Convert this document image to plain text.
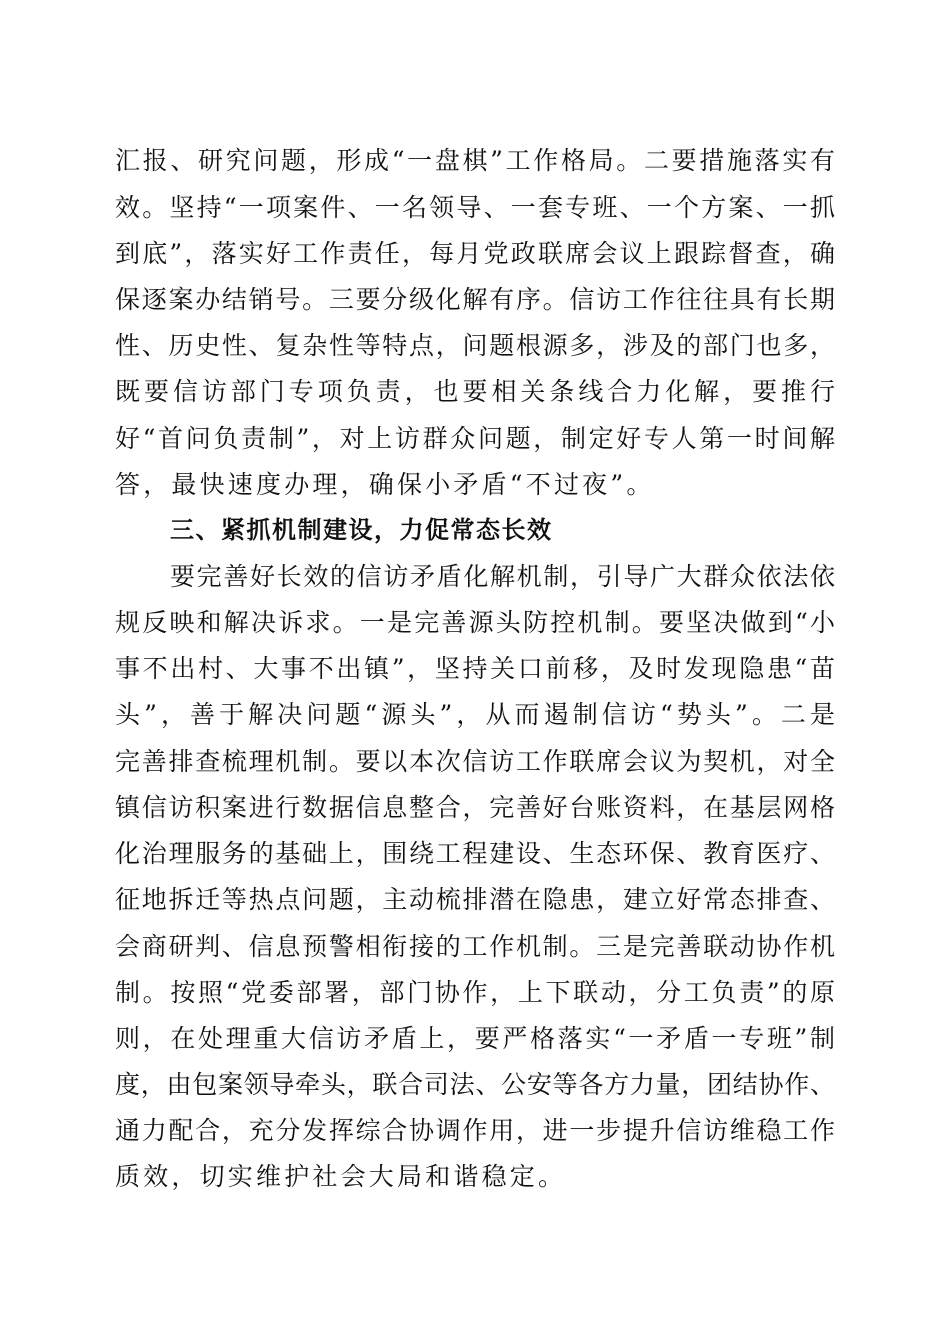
汇报、研究问题，形成“一盘棋”工作格局。二要措施落实有
效。坚持“一项案件、一名领导、一套专班、一个方案、一抓
到底”，落实好工作责任，每月党政联席会议上跟踪督查，确
保逐案办结销号。三要分级化解有序。信访工作往往具有长期
性、历史性、复杂性等特点，问题根源多，涉及的部门也多，
既要信访部门专项负责，也要相关条线合力化解，要推行
好“首问负责制”，对上访群众问题，制定好专人第一时间解
答，最快速度办理，确保小矛盾“不过夜”。
三、紧抓机制建设，力促常态长效
要完善好长效的信访矛盾化解机制，引导广大群众依法依
规反映和解决诉求。一是完善源头防控机制。要坚决做到“小
事不出村、大事不出镇”，坚持关口前移，及时发现隐患“苗
头”，善于解决问题“源头”，从而遏制信访“势头”。二是
完善排查梳理机制。要以本次信访工作联席会议为契机，对全
镇信访积案进行数据信息整合，完善好台账资料，在基层网格
化治理服务的基础上，围绕工程建设、生态环保、教育医疗、
征地拆迁等热点问题，主动梳排潜在隐患，建立好常态排查、
会商研判、信息预警相衔接的工作机制。三是完善联动协作机
制。按照“党委部署，部门协作，上下联动，分工负责”的原
则，在处理重大信访矛盾上，要严格落实“一矛盾一专班”制
度，由包案领导牵头，联合司法、公安等各方力量，团结协作、
通力配合，充分发挥综合协调作用，进一步提升信访维稳工作
质效，切实维护社会大局和谐稳定。
